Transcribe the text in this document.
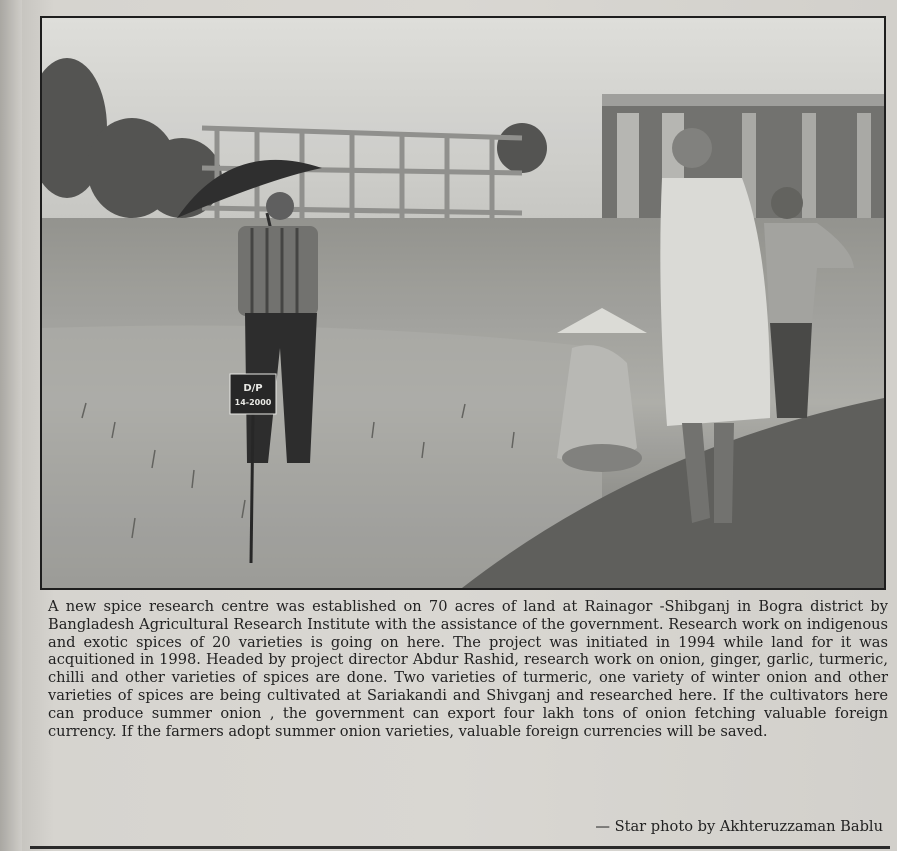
D/P
14-2000
A new spice research centre was established on 70 acres of land at Rainagor -Shibganj in Bogra district by Bangladesh Agricultural Research Institute with the assistance of the government. Research work on indigenous and exotic spices of 20 varieties is going on here. The project was initiated in 1994 while land for it was acquitioned in 1998. Headed by project director Abdur Rashid, research work on onion, ginger, garlic, turmeric, chilli and other varieties of spices are done. Two varieties of turmeric, one variety of winter onion and other varieties of spices are being cultivated at Sariakandi and Shivganj and researched here. If the cultivators here can produce summer onion , the government can export four lakh tons of onion fetching valuable foreign currency. If the farmers adopt summer onion varieties, valuable foreign currencies will be saved.
— Star photo by Akhteruzzaman Bablu
